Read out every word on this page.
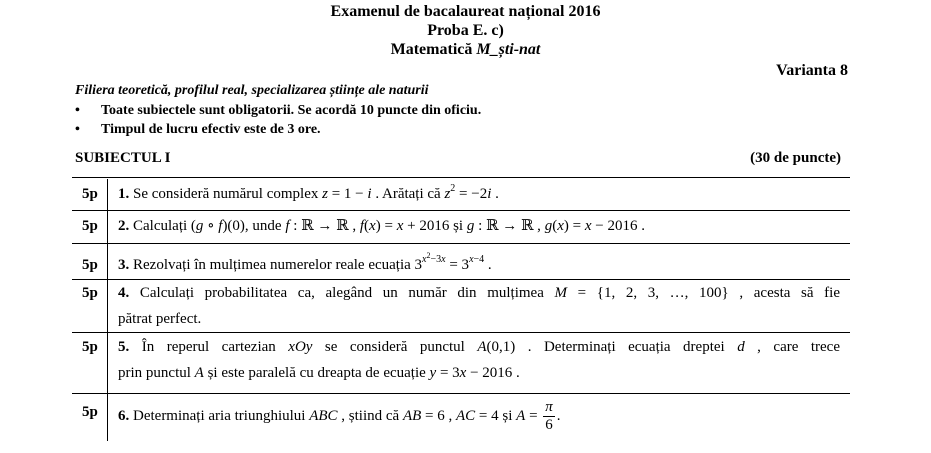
Examenul de bacalaureat național 2016
Proba E. c)
Matematică M_ști-nat
Varianta 8
Filiera teoretică, profilul real, specializarea științe ale naturii
• Toate subiectele sunt obligatorii. Se acordă 10 puncte din oficiu.
• Timpul de lucru efectiv este de 3 ore.
SUBIECTUL I	(30 de puncte)
5p 1. Se consideră numărul complex z = 1 − i . Arătați că $z^2 = -2i$ .
5p 2. Calculați (g ∘ f)(0), unde f : ℝ → ℝ , f(x) = x + 2016 și g : ℝ → ℝ , g(x) = x − 2016 .
5p 3. Rezolvați în mulțimea numerelor reale ecuația $3^{x^2-3x} = 3^{x-4}$ .
5p 4. Calculați probabilitatea ca, alegând un număr din mulțimea M = {1, 2, 3, …, 100} , acesta să fie
pătrat perfect.
5p 5. În reperul cartezian xOy se consideră punctul A(0,1) . Determinați ecuația dreptei d , care trece
prin punctul A și este paralelă cu dreapta de ecuație y = 3x − 2016 .
5p 6. Determinați aria triunghiului ABC , știind că AB = 6 , AC = 4 și $A = \frac{\pi}{6}$ .
